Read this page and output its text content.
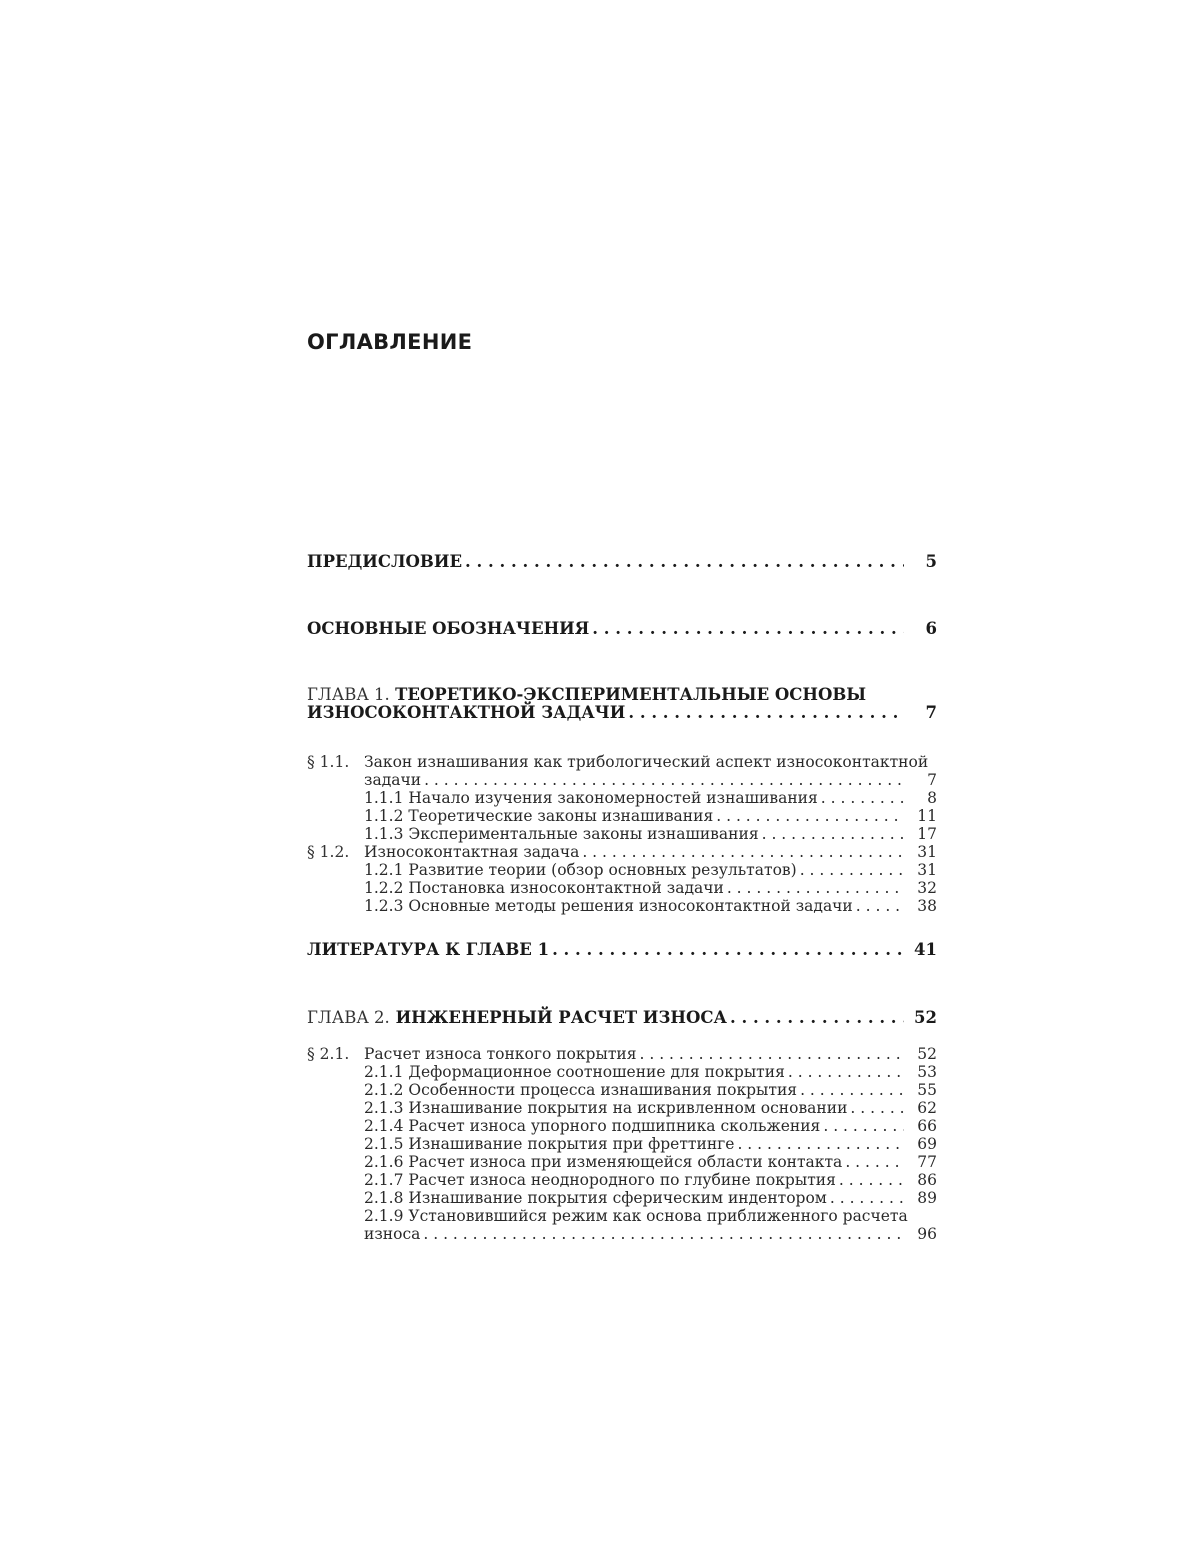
ОГЛАВЛЕНИЕ
ПРЕДИСЛОВИЕ . . .	5
ОСНОВНЫЕ ОБОЗНАЧЕНИЯ . . .	6
ГЛАВА 1. ТЕОРЕТИКО-ЭКСПЕРИМЕНТАЛЬНЫЕ ОСНОВЫ
ИЗНОСОКОНТАКТНОЙ ЗАДАЧИ . . .	7
§ 1.1. Закон изнашивания как трибологический аспект износоконтактной
задачи . . .	7
1.1.1 Начало изучения закономерностей изнашивания . . .	8
1.1.2 Теоретические законы изнашивания . . .	11
1.1.3 Экспериментальные законы изнашивания . . .	17
§ 1.2. Износоконтактная задача . . .	31
1.2.1 Развитие теории (обзор основных результатов) . . .	31
1.2.2 Постановка износоконтактной задачи . . .	32
1.2.3 Основные методы решения износоконтактной задачи . . .	38
ЛИТЕРАТУРА К ГЛАВЕ 1 . . .	41
ГЛАВА 2. ИНЖЕНЕРНЫЙ РАСЧЕТ ИЗНОСА . . .	52
§ 2.1. Расчет износа тонкого покрытия . . .	52
2.1.1 Деформационное соотношение для покрытия . . .	53
2.1.2 Особенности процесса изнашивания покрытия . . .	55
2.1.3 Изнашивание покрытия на искривленном основании . . .	62
2.1.4 Расчет износа упорного подшипника скольжения . . .	66
2.1.5 Изнашивание покрытия при фреттинге . . .	69
2.1.6 Расчет износа при изменяющейся области контакта . . .	77
2.1.7 Расчет износа неоднородного по глубине покрытия . . .	86
2.1.8 Изнашивание покрытия сферическим индентором . . .	89
2.1.9 Установившийся режим как основа приближенного расчета
износа . . .	96
